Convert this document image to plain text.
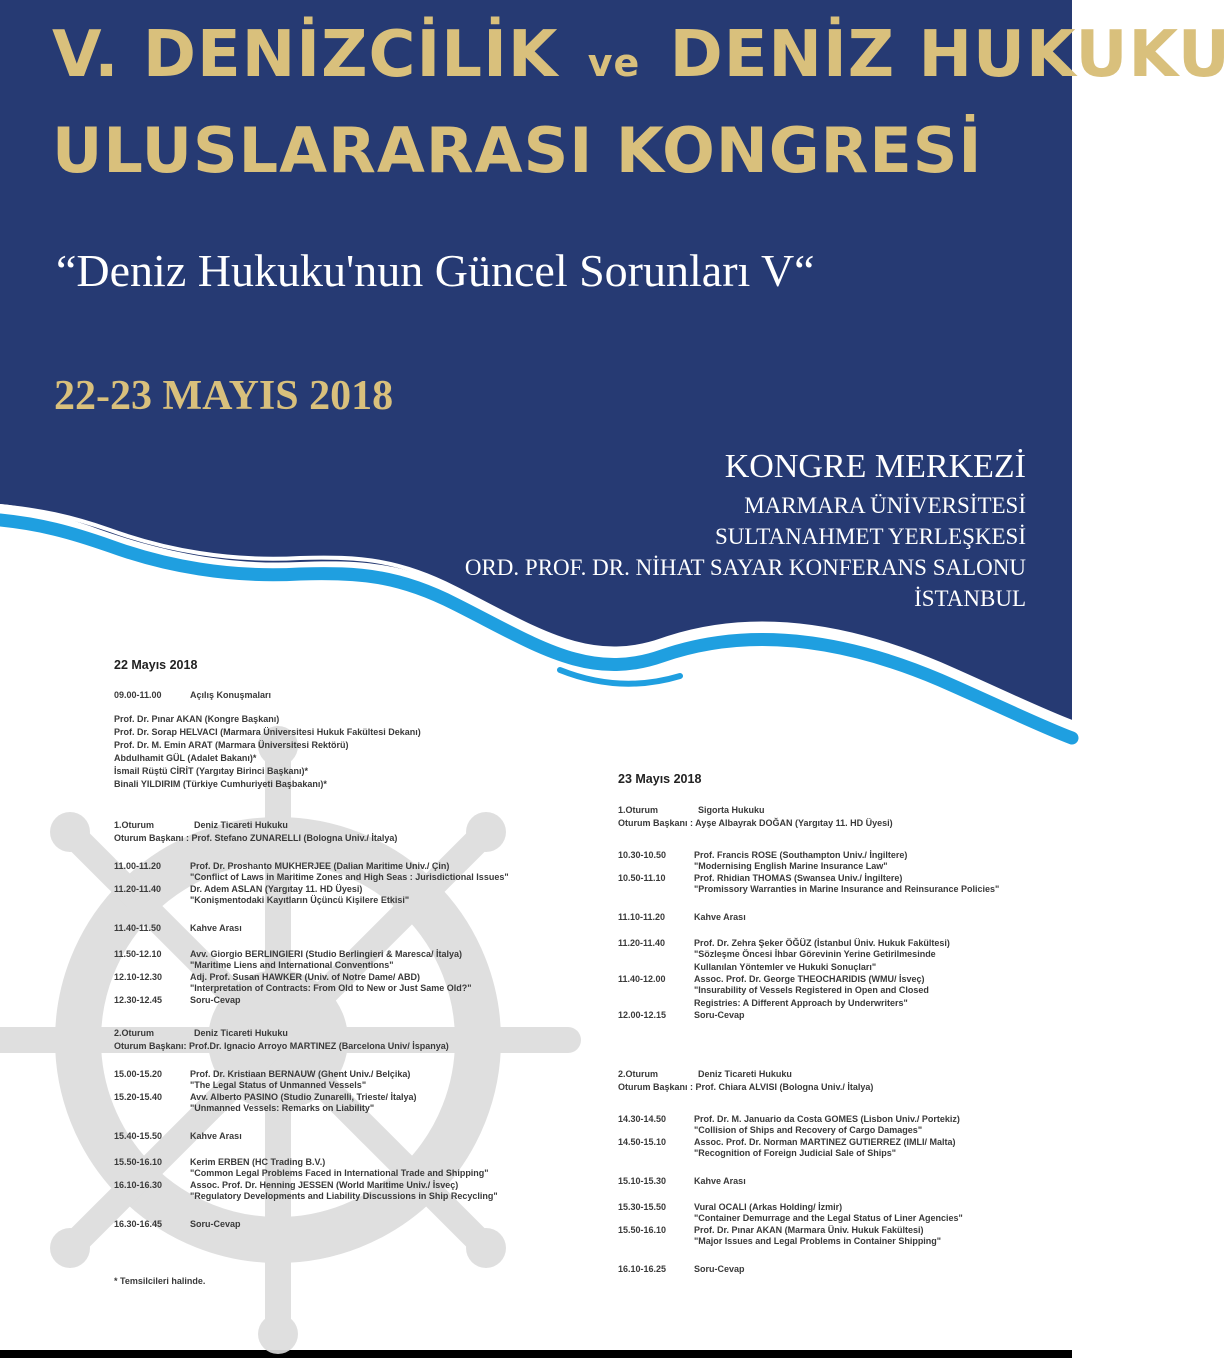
V. DENİZCİLİK ve DENİZ HUKUKU
ULUSLARARASI KONGRESİ
“Deniz Hukuku'nun Güncel Sorunları V“
22-23 MAYIS 2018
KONGRE MERKEZİ
MARMARA ÜNİVERSİTESİ
SULTANAHMET YERLEŞKESİ
ORD. PROF. DR. NİHAT SAYAR KONFERANS SALONU
İSTANBUL
22 Mayıs 2018
09.00-11.00	Açılış Konuşmaları
Prof. Dr. Pınar AKAN (Kongre Başkanı)
Prof. Dr. Sorap HELVACI (Marmara Üniversitesi Hukuk Fakültesi Dekanı)
Prof. Dr. M. Emin ARAT (Marmara Üniversitesi Rektörü)
Abdulhamit GÜL (Adalet Bakanı)*
İsmail Rüştü CİRİT (Yargıtay Birinci Başkanı)*
Binali YILDIRIM (Türkiye Cumhuriyeti Başbakanı)*
1.Oturum	Deniz Ticareti Hukuku
Oturum Başkanı : Prof. Stefano ZUNARELLI (Bologna Univ./ İtalya)
11.00-11.20	Prof. Dr. Proshanto MUKHERJEE (Dalian Maritime Univ./ Çin)
"Conflict of Laws in Maritime Zones and High Seas : Jurisdictional Issues"
11.20-11.40	Dr. Adem ASLAN (Yargıtay 11. HD Üyesi)
"Konişmentodaki Kayıtların Üçüncü Kişilere Etkisi"
11.40-11.50	Kahve Arası
11.50-12.10	Avv. Giorgio BERLINGIERI (Studio Berlingieri & Maresca/ İtalya)
"Maritime Liens and International Conventions"
12.10-12.30	Adj. Prof. Susan HAWKER (Univ. of Notre Dame/ ABD)
"Interpretation of Contracts: From Old to New or Just Same Old?"
12.30-12.45	Soru-Cevap
2.Oturum	Deniz Ticareti Hukuku
Oturum Başkanı: Prof.Dr. Ignacio Arroyo MARTINEZ (Barcelona Univ/ İspanya)
15.00-15.20	Prof. Dr. Kristiaan BERNAUW (Ghent Univ./ Belçika)
"The Legal Status of Unmanned Vessels"
15.20-15.40	Avv. Alberto PASINO (Studio Zunarelli, Trieste/ İtalya)
"Unmanned Vessels: Remarks on Liability"
15.40-15.50	Kahve Arası
15.50-16.10	Kerim ERBEN (HC Trading B.V.)
"Common Legal Problems Faced in International Trade and Shipping"
16.10-16.30	Assoc. Prof. Dr. Henning JESSEN (World Maritime Univ./ İsveç)
"Regulatory Developments and Liability Discussions in Ship Recycling"
16.30-16.45	Soru-Cevap
* Temsilcileri halinde.
23 Mayıs 2018
1.Oturum	Sigorta Hukuku
Oturum Başkanı : Ayşe Albayrak DOĞAN (Yargıtay 11. HD Üyesi)
10.30-10.50	Prof. Francis ROSE (Southampton Univ./ İngiltere)
"Modernising English Marine Insurance Law"
10.50-11.10	Prof. Rhidian THOMAS (Swansea Univ./ İngiltere)
"Promissory Warranties in Marine Insurance and Reinsurance Policies"
11.10-11.20	Kahve Arası
11.20-11.40	Prof. Dr. Zehra Şeker ÖĞÜZ (İstanbul Üniv. Hukuk Fakültesi)
"Sözleşme Öncesi İhbar Görevinin Yerine Getirilmesinde
Kullanılan Yöntemler ve Hukuki Sonuçları"
11.40-12.00	Assoc. Prof. Dr. George THEOCHARIDIS (WMU/ İsveç)
"Insurability of Vessels Registered in Open and Closed
Registries: A Different Approach by Underwriters"
12.00-12.15	Soru-Cevap
2.Oturum	Deniz Ticareti Hukuku
Oturum Başkanı : Prof. Chiara ALVISI (Bologna Univ./ İtalya)
14.30-14.50	Prof. Dr. M. Januario da Costa GOMES (Lisbon Univ./ Portekiz)
"Collision of Ships and Recovery of Cargo Damages"
14.50-15.10	Assoc. Prof. Dr. Norman MARTINEZ GUTIERREZ (IMLI/ Malta)
"Recognition of Foreign Judicial Sale of Ships"
15.10-15.30	Kahve Arası
15.30-15.50	Vural OCALI (Arkas Holding/ İzmir)
"Container Demurrage and the Legal Status of Liner Agencies"
15.50-16.10	Prof. Dr. Pınar AKAN (Marmara Üniv. Hukuk Fakültesi)
"Major Issues and Legal Problems in Container Shipping"
16.10-16.25	Soru-Cevap
